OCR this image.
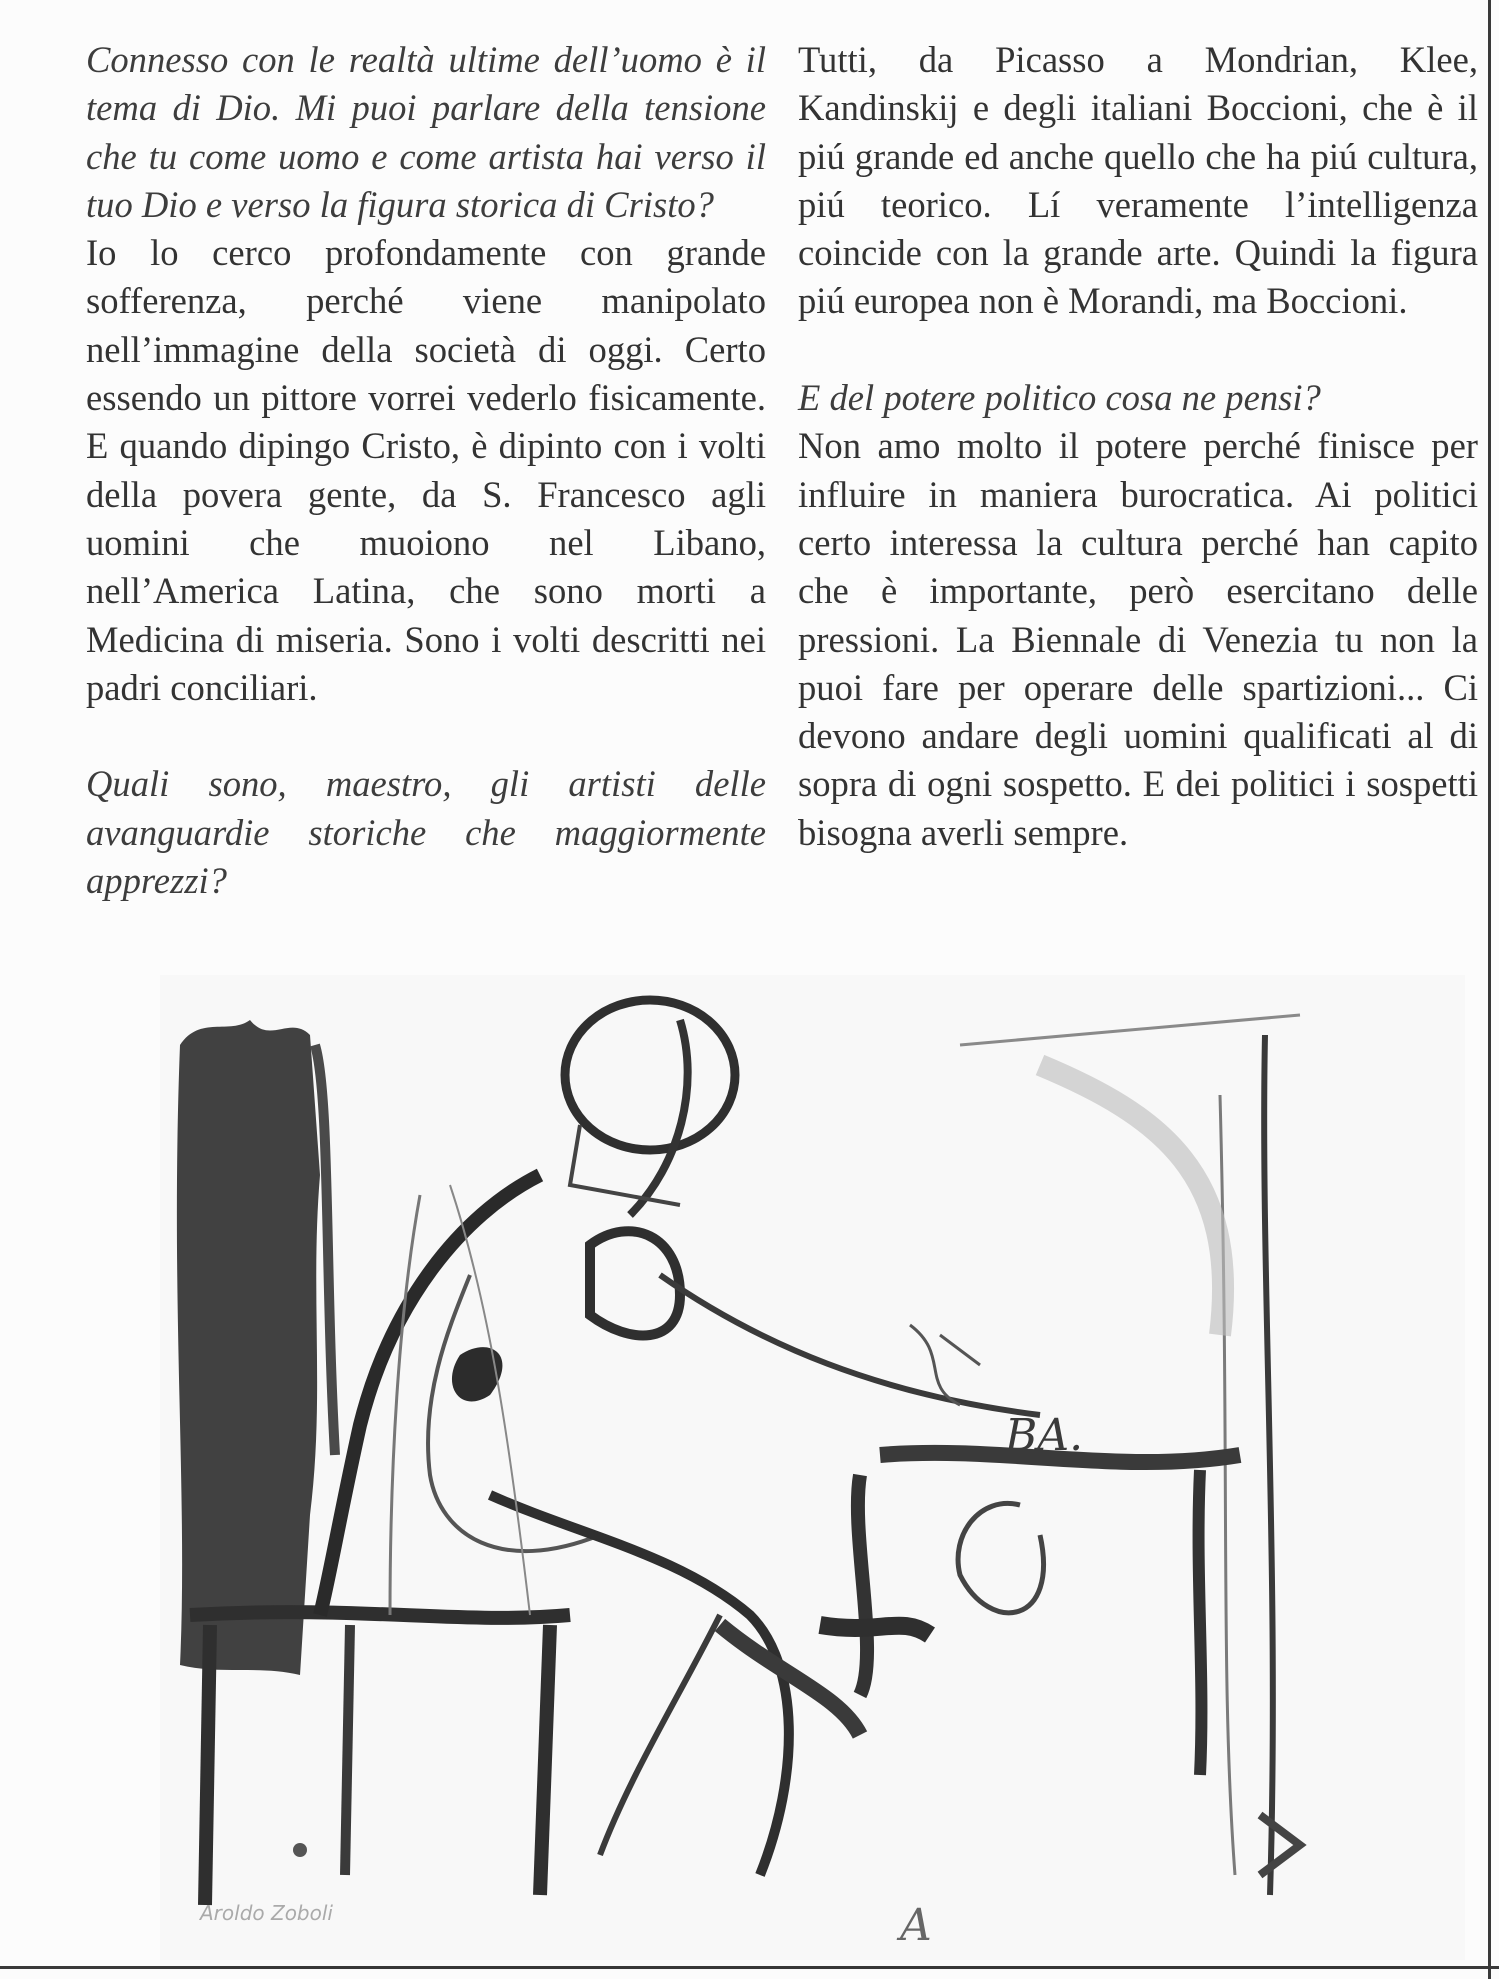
Connesso con le realtà ultime dell’uomo è il tema di Dio. Mi puoi parlare della tensione che tu come uomo e come artista hai verso il tuo Dio e verso la figura storica di Cristo?

Io lo cerco profondamente con grande sofferenza, perché viene manipolato nell’immagine della società di oggi. Certo essendo un pittore vorrei vederlo fisicamente. E quando dipingo Cristo, è dipinto con i volti della povera gente, da S. Francesco agli uomini che muoiono nel Libano, nell’America Latina, che sono morti a Medicina di miseria. Sono i volti descritti nei padri conciliari.

Quali sono, maestro, gli artisti delle avanguardie storiche che maggiormente apprezzi?

Tutti, da Picasso a Mondrian, Klee, Kandinskij e degli italiani Boccioni, che è il piú grande ed anche quello che ha piú cultura, piú teorico. Lí veramente l’intelligenza coincide con la grande arte. Quindi la figura piú europea non è Morandi, ma Boccioni.

E del potere politico cosa ne pensi?

Non amo molto il potere perché finisce per influire in maniera burocratica. Ai politici certo interessa la cultura perché han capito che è importante, però esercitano delle pressioni. La Biennale di Venezia tu non la puoi fare per operare delle spartizioni... Ci devono andare degli uomini qualificati al di sopra di ogni sospetto. E dei politici i sospetti bisogna averli sempre.

BA.
Aroldo Zoboli	A
